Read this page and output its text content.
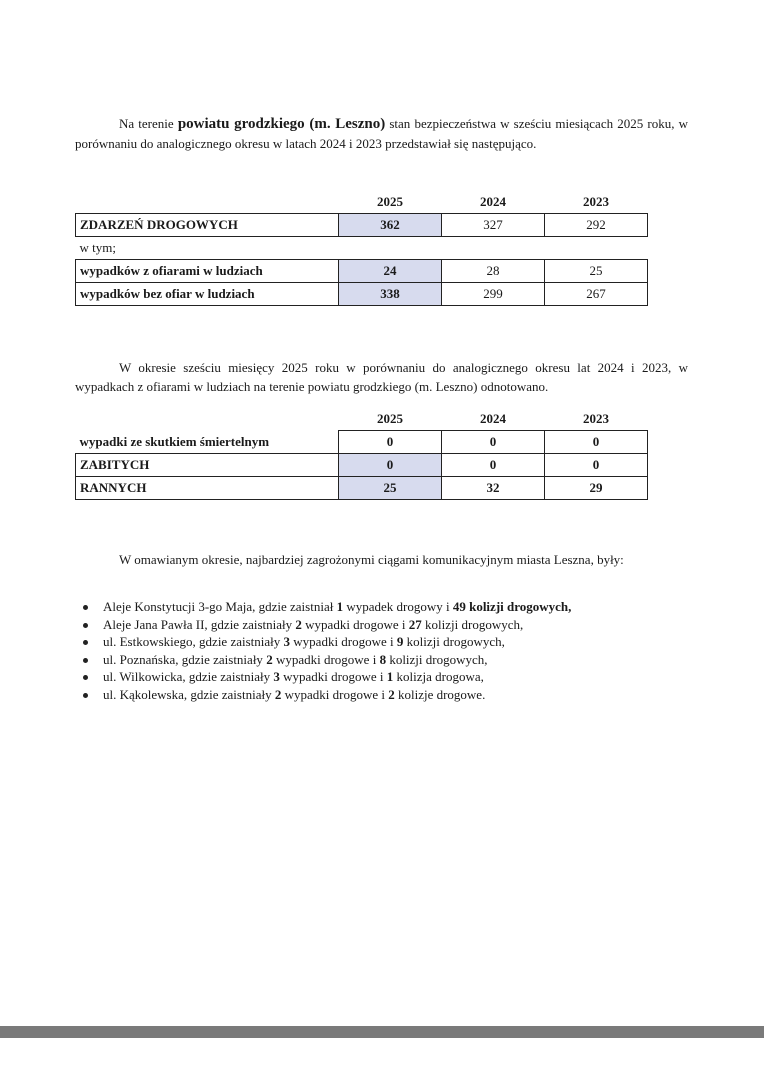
Na terenie powiatu grodzkiego (m. Leszno) stan bezpieczeństwa w sześciu miesiącach 2025 roku, w porównaniu do analogicznego okresu w latach 2024 i 2023 przedstawiał się następująco.

	2025	2024	2023
ZDARZEŃ DROGOWYCH	362	327	292
w tym;			
wypadków z ofiarami w ludziach	24	28	25
wypadków bez ofiar w ludziach	338	299	267

W okresie sześciu miesięcy 2025 roku w porównaniu do analogicznego okresu lat 2024 i 2023, w wypadkach z ofiarami w ludziach na terenie powiatu grodzkiego (m. Leszno) odnotowano.

	2025	2024	2023
wypadki ze skutkiem śmiertelnym	0	0	0
ZABITYCH	0	0	0
RANNYCH	25	32	29

W omawianym okresie, najbardziej zagrożonymi ciągami komunikacyjnym miasta Leszna, były:

Aleje Konstytucji 3-go Maja, gdzie zaistniał 1 wypadek drogowy i 49 kolizji drogowych,
Aleje Jana Pawła II, gdzie zaistniały 2 wypadki drogowe i 27 kolizji drogowych,
ul. Estkowskiego, gdzie zaistniały 3 wypadki drogowe i 9 kolizji drogowych,
ul. Poznańska, gdzie zaistniały 2 wypadki drogowe i 8 kolizji drogowych,
ul. Wilkowicka, gdzie zaistniały 3 wypadki drogowe i 1 kolizja drogowa,
ul. Kąkolewska, gdzie zaistniały 2 wypadki drogowe i 2 kolizje drogowe.
